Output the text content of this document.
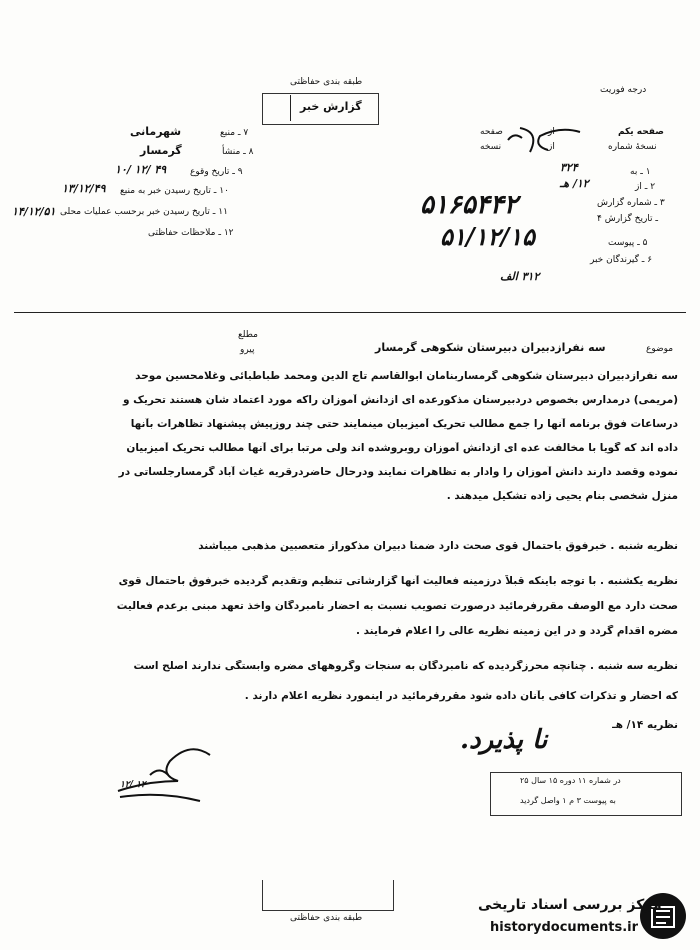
طبقه بندی حفاظتی
گزارش خبر
درجه فوریت
صفحه یکم
از
صفحه
نسخهٔ شماره
از
نسخه
۱ ـ به
۳۲۴
۲ ـ از
۱۲/ هـ
۳ ـ شماره گزارش
۴ ـ تاریخ گزارش
۵ ـ پیوست
۶ ـ گیرندگان خبر
۳۱۲ الف
۵۱۶۵۴۴۲
۵۱/۱۲/۱۵
۷ ـ منبع
شهرمانی
۸ ـ منشأ
گرمسار
۹ ـ تاریخ وقوع
۱۰/ ۱۲/ ۴۹
۱۰ ـ تاریخ رسیدن خبر به منبع
۱۳/۱۲/۴۹
۱۱ ـ تاریخ رسیدن خبر برحسب عملیات محلی
۱۴/۱۲/۵۱
۱۲ ـ ملاحظات حفاظتی
مطلع
پیرو	موضوع
سه نفرازدبیران دبیرستان شکوهی گرمسار
سه نفرازدبیران دبیرستان شکوهی گرمساربنامان ابوالقاسم تاج الدین ومحمد طباطبائی وغلامحسین موحد
(مریمی) درمدارس بخصوص دردبیرستان مذکورعده ای ازدانش آموزان راکه مورد اعتماد شان هستند تحریک و
درساعات فوق برنامه آنها را جمع مطالب تحریک آمیزبیان مینمایند حتی چند روزپیش پیشنهاد تظاهرات بآنها
داده اند که گویا با مخالفت عده ای ازدانش آموزان روبروشده اند ولی مرتباً برای آنها مطالب تحریک آمیزبیان
نموده وقصد دارند دانش آموزان را وادار به تظاهرات نمایند ودرحال حاضردرقریه غیاث آباد گرمسارجلساتی در
منزل شخصی بنام یحیی زاده تشکیل میدهند .
نظریه شنبه . خبرفوق باحتمال قوی صحت دارد ضمناً دبیران مذکوراز متعصبین مذهبی میباشند
نظریه یکشنبه . با توجه باینکه قبلاً درزمینه فعالیت آنها گزارشاتی تنظیم وتقدیم گردیده خبرفوق باحتمال قوی
صحت دارد مع الوصف مقررفرمائید درصورت تصویب نسبت به احضار نامبردگان واخذ تعهد مبنی برعدم فعالیت
مضره اقدام گردد و در این زمینه نظریه عالی را اعلام فرمایند .
نظریه سه شنبه . چنانچه محرزگردیده که نامبردگان به سنجات وگروههای مضره وابستگی ندارند اصلح است
که احضار و تذکرات کافی بآنان داده شود مقررفرمائید در اینمورد نظریه اعلام دارند .
نظریه ۱۴/ هـ
نا پذیرد.
۱۲/ ۱۲	در شماره ۱۱ دوره ۱۵ سال ۲۵
به پیوست ۳ م ۱ واصل گردید
طبقه بندی حفاظتی
مرکز بررسی اسناد تاریخی
historydocuments.ir
